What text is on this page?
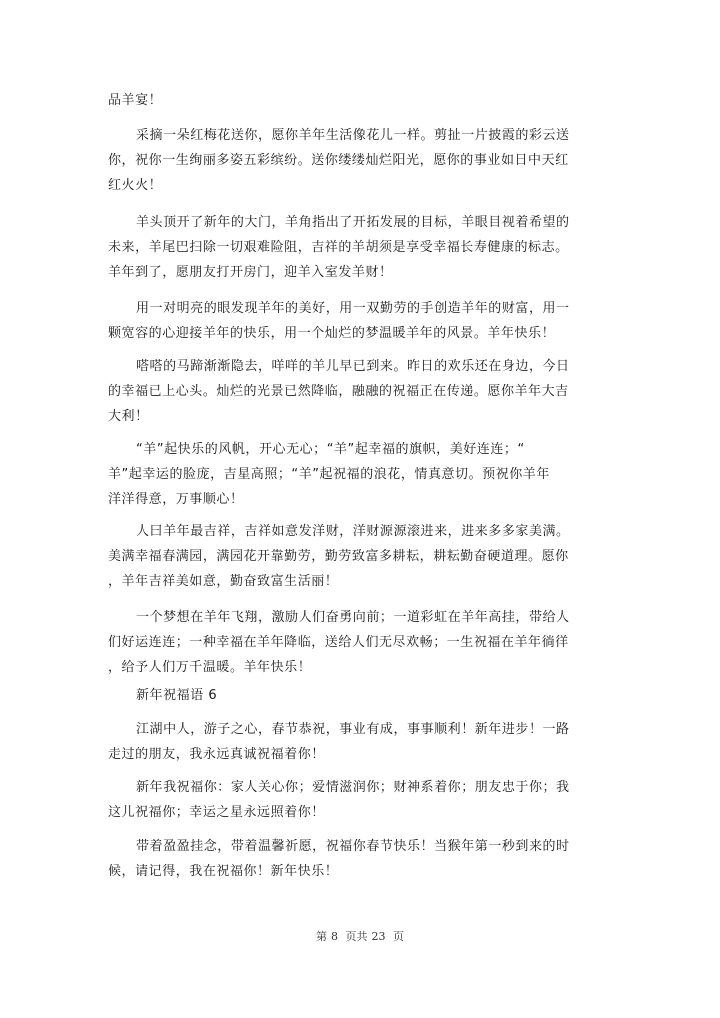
品羊宴！
采摘一朵红梅花送你，愿你羊年生活像花儿一样。剪扯一片披霞的彩云送
你，祝你一生绚丽多姿五彩缤纷。送你缕缕灿烂阳光，愿你的事业如日中天红
红火火！
羊头顶开了新年的大门，羊角指出了开拓发展的目标，羊眼目视着希望的
未来，羊尾巴扫除一切艰难险阻，吉祥的羊胡须是享受幸福长寿健康的标志。
羊年到了，愿朋友打开房门，迎羊入室发羊财！
用一对明亮的眼发现羊年的美好，用一双勤劳的手创造羊年的财富，用一
颗宽容的心迎接羊年的快乐，用一个灿烂的梦温暖羊年的风景。羊年快乐！
嗒嗒的马蹄渐渐隐去，咩咩的羊儿早已到来。昨日的欢乐还在身边，今日
的幸福已上心头。灿烂的光景已然降临，融融的祝福正在传递。愿你羊年大吉
大利！
“羊”起快乐的风帆，开心无心；“羊”起幸福的旗帜，美好连连；“
羊”起幸运的脸庞，吉星高照；“羊”起祝福的浪花，情真意切。预祝你羊年
洋洋得意，万事顺心！
人曰羊年最吉祥，吉祥如意发洋财，洋财源源滚进来，进来多多家美满。
美满幸福春满园，满园花开靠勤劳，勤劳致富多耕耘，耕耘勤奋硬道理。愿你
，羊年吉祥美如意，勤奋致富生活丽！
一个梦想在羊年飞翔，激励人们奋勇向前；一道彩虹在羊年高挂，带给人
们好运连连；一种幸福在羊年降临，送给人们无尽欢畅；一生祝福在羊年徜徉
，给予人们万千温暖。羊年快乐！
新年祝福语 6
江湖中人，游子之心，春节恭祝，事业有成，事事顺利！新年进步！一路
走过的朋友，我永远真诚祝福着你！
新年我祝福你：家人关心你；爱情滋润你；财神系着你；朋友忠于你；我
这儿祝福你；幸运之星永远照着你！
带着盈盈挂念，带着温馨祈愿，祝福你春节快乐！当猴年第一秒到来的时
候，请记得，我在祝福你！新年快乐！
第 8 页共 23 页
